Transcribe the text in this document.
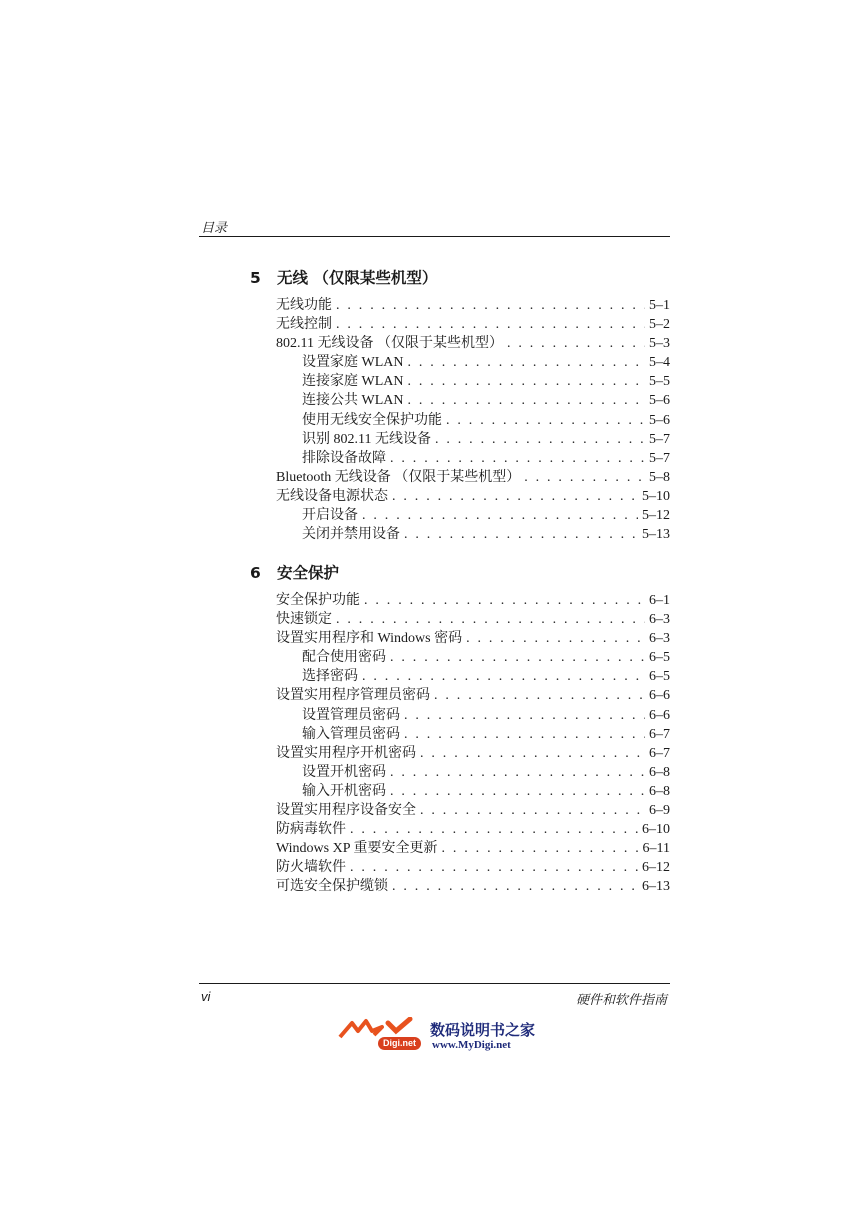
目录
5	无线 （仅限某些机型）
无线功能 . . .	5–1
无线控制 . . .	5–2
802.11 无线设备 （仅限于某些机型） . . .	5–3
设置家庭 WLAN . . .	5–4
连接家庭 WLAN . . .	5–5
连接公共 WLAN . . .	5–6
使用无线安全保护功能 . . .	5–6
识别 802.11 无线设备 . . .	5–7
排除设备故障 . . .	5–7
Bluetooth 无线设备 （仅限于某些机型） . . .	5–8
无线设备电源状态 . . .	5–10
开启设备 . . .	5–12
关闭并禁用设备 . . .	5–13
6	安全保护
安全保护功能 . . .	6–1
快速锁定 . . .	6–3
设置实用程序和 Windows 密码 . . .	6–3
配合使用密码 . . .	6–5
选择密码 . . .	6–5
设置实用程序管理员密码 . . .	6–6
设置管理员密码 . . .	6–6
输入管理员密码 . . .	6–7
设置实用程序开机密码 . . .	6–7
设置开机密码 . . .	6–8
输入开机密码 . . .	6–8
设置实用程序设备安全 . . .	6–9
防病毒软件 . . .	6–10
Windows XP 重要安全更新 . . .	6–11
防火墙软件 . . .	6–12
可选安全保护缆锁 . . .	6–13
vi	硬件和软件指南
Digi.net
数码说明书之家
www.MyDigi.net
